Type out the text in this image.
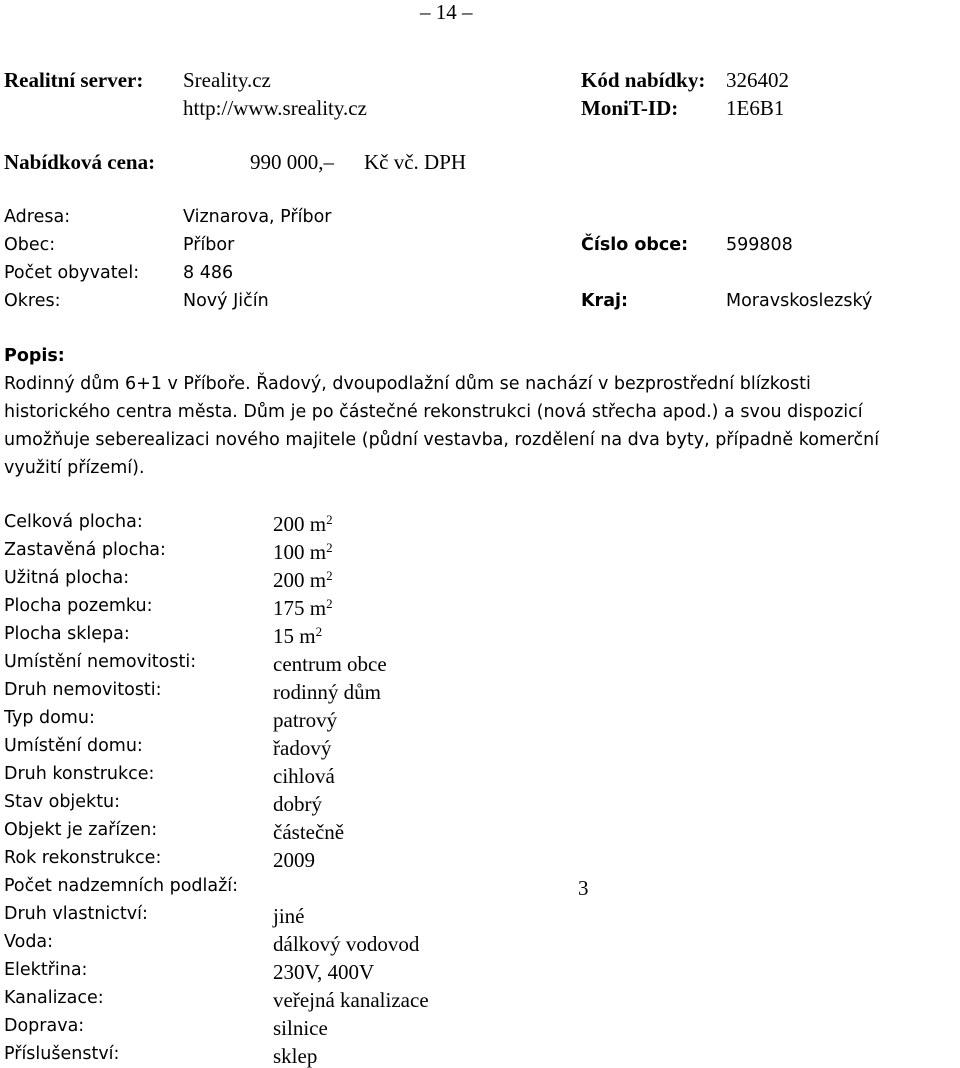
– 14 –
Realitní server: Sreality.cz
http://www.sreality.cz
Kód nabídky: 326402
MoniT-ID: 1E6B1
Nabídková cena:	990 000,– Kč vč. DPH
Adresa:	Viznarova, Příbor
Obec:	Příbor	Číslo obce: 599808
Počet obyvatel:	8 486
Okres:	Nový Jičín	Kraj:	Moravskoslezský
Popis:
Rodinný dům 6+1 v Příboře. Řadový, dvoupodlažní dům se nachází v bezprostřední blízkosti
historického centra města. Dům je po částečné rekonstrukci (nová střecha apod.) a svou dispozicí
umožňuje seberealizaci nového majitele (půdní vestavba, rozdělení na dva byty, případně komerční
využití přízemí).
Celková plocha:	200 $m^2$
Zastavěná plocha:	100 $m^2$
Užitná plocha:	200 $m^2$
Plocha pozemku:	175 $m^2$
Plocha sklepa:	15 $m^2$
Umístění nemovitosti:	centrum obce
Druh nemovitosti:	rodinný dům
Typ domu:	patrový
Umístění domu:	řadový
Druh konstrukce:	cihlová
Stav objektu:	dobrý
Objekt je zařízen:	částečně
Rok rekonstrukce:	2009
Počet nadzemních podlaží:	3
Druh vlastnictví:	jiné
Voda:	dálkový vodovod
Elektřina:	230V, 400V
Kanalizace:	veřejná kanalizace
Doprava:	silnice
Příslušenství:	sklep
